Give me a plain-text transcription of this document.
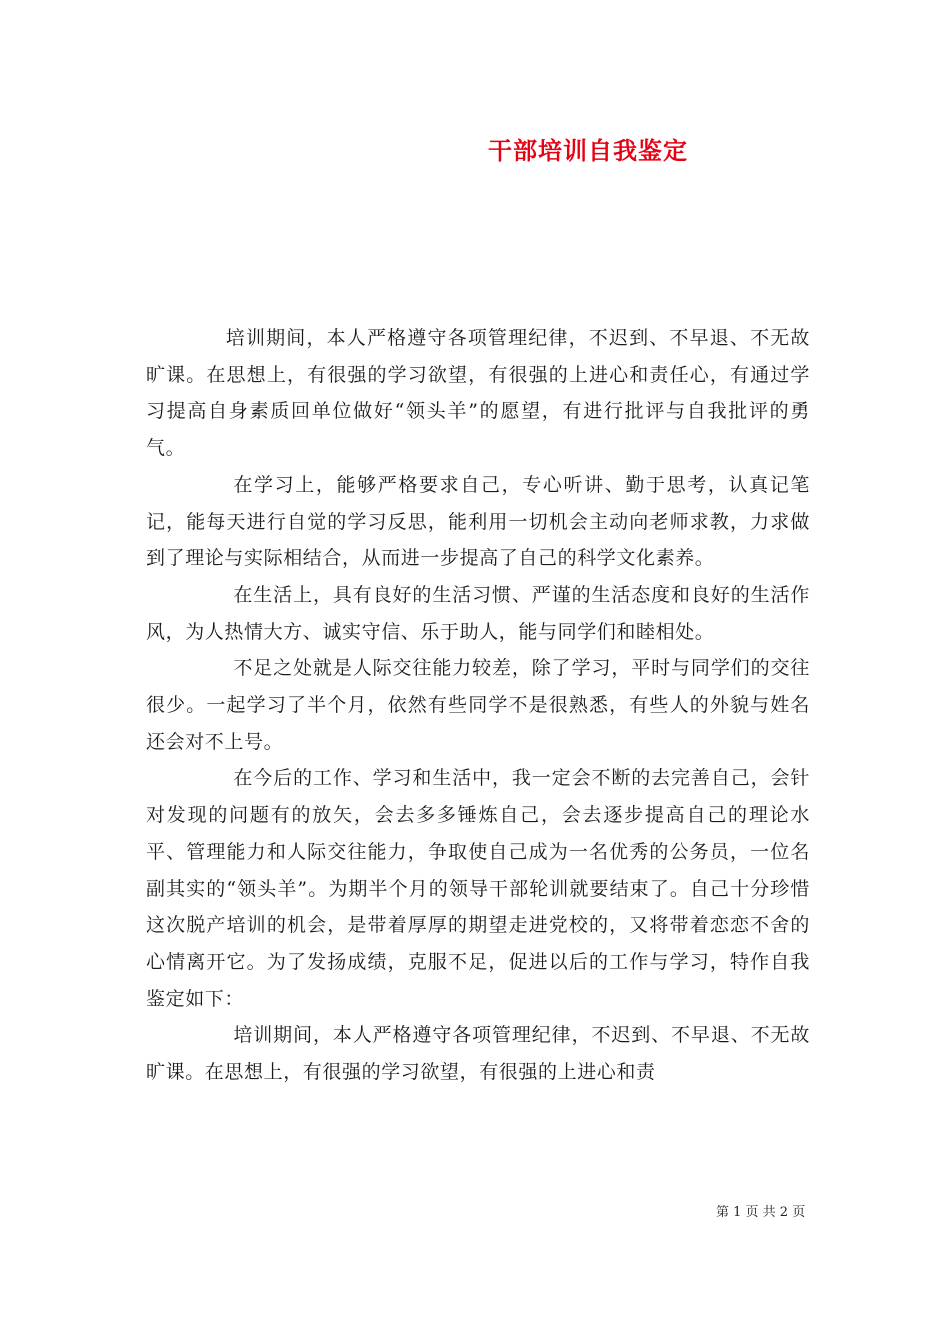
干部培训自我鉴定

培训期间，本人严格遵守各项管理纪律，不迟到、不早退、不无故旷课。在思想上，有很强的学习欲望，有很强的上进心和责任心，有通过学习提高自身素质回单位做好“领头羊”的愿望，有进行批评与自我批评的勇气。

在学习上，能够严格要求自己，专心听讲、勤于思考，认真记笔记，能每天进行自觉的学习反思，能利用一切机会主动向老师求教，力求做到了理论与实际相结合，从而进一步提高了自己的科学文化素养。

在生活上，具有良好的生活习惯、严谨的生活态度和良好的生活作风，为人热情大方、诚实守信、乐于助人，能与同学们和睦相处。

不足之处就是人际交往能力较差，除了学习，平时与同学们的交往很少。一起学习了半个月，依然有些同学不是很熟悉，有些人的外貌与姓名还会对不上号。

在今后的工作、学习和生活中，我一定会不断的去完善自己，会针对发现的问题有的放矢，会去多多锤炼自己，会去逐步提高自己的理论水平、管理能力和人际交往能力，争取使自己成为一名优秀的公务员，一位名副其实的“领头羊”。为期半个月的领导干部轮训就要结束了。自己十分珍惜这次脱产培训的机会，是带着厚厚的期望走进党校的，又将带着恋恋不舍的心情离开它。为了发扬成绩，克服不足，促进以后的工作与学习，特作自我鉴定如下：

培训期间，本人严格遵守各项管理纪律，不迟到、不早退、不无故旷课。在思想上，有很强的学习欲望，有很强的上进心和责

第 1 页 共 2 页
